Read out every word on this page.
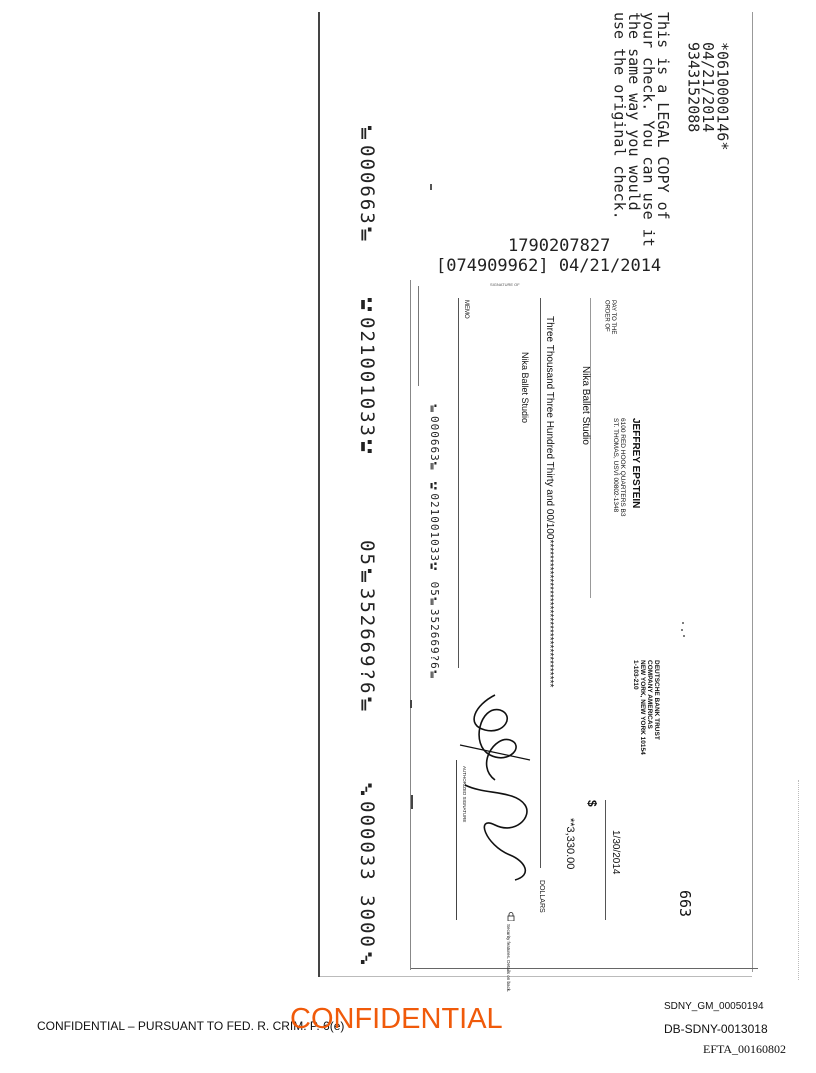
⑈000663⑈
⑆021001033⑆
05⑈352669?6⑈
⑇000033 3000⑇
This is a LEGAL COPY of
your check. You can use it
the same way you would
use the original check.	*0610000146*
04/21/2014
9343152088
1790207827
[074909962] 04/21/2014
SIGNATURE OF
JEFFREY EPSTEIN
6100 RED HOOK QUARTERS B3
ST. THOMAS, USVI 00802-1348
PAY TO THE ORDER OF
Nika Ballet Studio
Three Thousand Three Hundred Thirty and 00/100**************************************
MEMO
Nika Ballet Studio
⑈000663⑈ ⑆021001033⑆ 05⑈352669?6⑈
DEUTSCHE BANK TRUST
COMPANY AMERICAS
NEW YORK, NEW YORK 10154
1-103-210
1/30/2014
$
**3,330.00
DOLLARS	663
AUTHORIZED SIGNATURE
Security features. Details on back.
CONFIDENTIAL – PURSUANT TO FED. R. CRIM. P. 6(e)
CONFIDENTIAL	SDNY_GM_00050194
DB-SDNY-0013018
EFTA_00160802
